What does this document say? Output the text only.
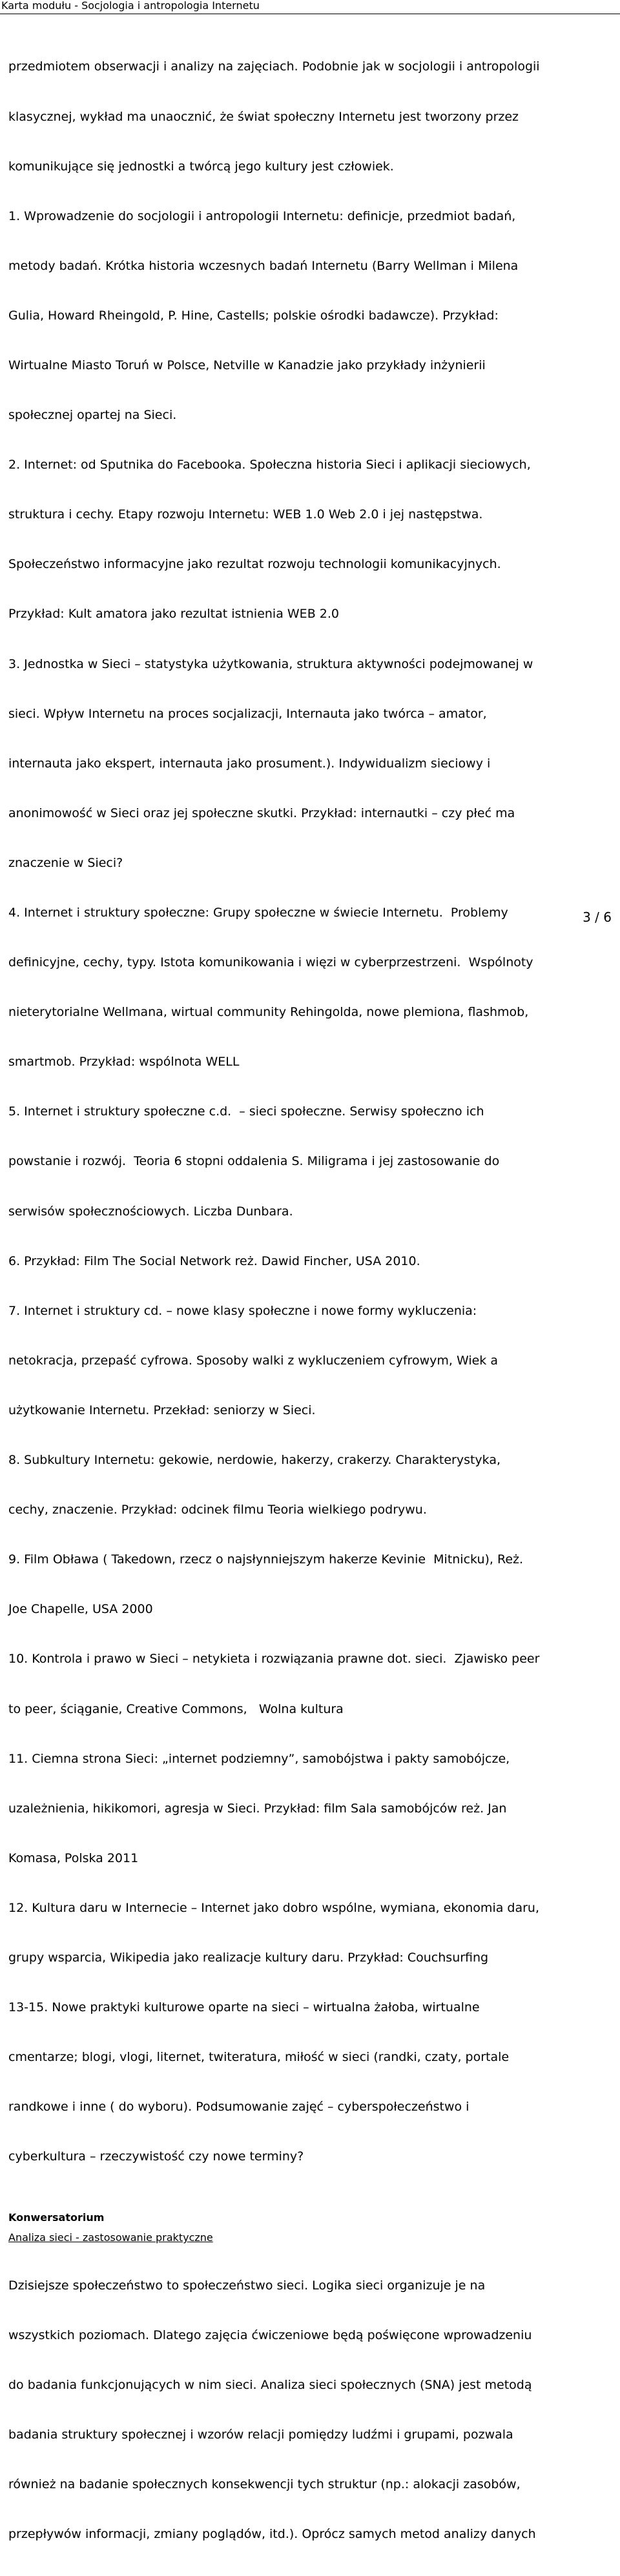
Karta modułu - Socjologia i antropologia Internetu

przedmiotem obserwacji i analizy na zajęciach. Podobnie jak w socjologii i antropologii

klasycznej, wykład ma unaocznić, że świat społeczny Internetu jest tworzony przez

komunikujące się jednostki a twórcą jego kultury jest człowiek.

1. Wprowadzenie do socjologii i antropologii Internetu: definicje, przedmiot badań,

metody badań. Krótka historia wczesnych badań Internetu (Barry Wellman i Milena

Gulia, Howard Rheingold, P. Hine, Castells; polskie ośrodki badawcze). Przykład:

Wirtualne Miasto Toruń w Polsce, Netville w Kanadzie jako przykłady inżynierii

społecznej opartej na Sieci.

2. Internet: od Sputnika do Facebooka. Społeczna historia Sieci i aplikacji sieciowych,

struktura i cechy. Etapy rozwoju Internetu: WEB 1.0 Web 2.0 i jej następstwa.

Społeczeństwo informacyjne jako rezultat rozwoju technologii komunikacyjnych.

Przykład: Kult amatora jako rezultat istnienia WEB 2.0

3. Jednostka w Sieci – statystyka użytkowania, struktura aktywności podejmowanej w

sieci. Wpływ Internetu na proces socjalizacji, Internauta jako twórca – amator,

internauta jako ekspert, internauta jako prosument.). Indywidualizm sieciowy i

anonimowość w Sieci oraz jej społeczne skutki. Przykład: internautki – czy płeć ma

znaczenie w Sieci?

4. Internet i struktury społeczne: Grupy społeczne w świecie Internetu.  Problemy

definicyjne, cechy, typy. Istota komunikowania i więzi w cyberprzestrzeni.  Wspólnoty

nieterytorialne Wellmana, wirtual community Rehingolda, nowe plemiona, flashmob,

smartmob. Przykład: wspólnota WELL

5. Internet i struktury społeczne c.d.  – sieci społeczne. Serwisy społeczno ich

powstanie i rozwój.  Teoria 6 stopni oddalenia S. Miligrama i jej zastosowanie do

serwisów społecznościowych. Liczba Dunbara.

6. Przykład: Film The Social Network reż. Dawid Fincher, USA 2010.

7. Internet i struktury cd. – nowe klasy społeczne i nowe formy wykluczenia:

netokracja, przepaść cyfrowa. Sposoby walki z wykluczeniem cyfrowym, Wiek a

użytkowanie Internetu. Przekład: seniorzy w Sieci.

8. Subkultury Internetu: gekowie, nerdowie, hakerzy, crakerzy. Charakterystyka,

cechy, znaczenie. Przykład: odcinek filmu Teoria wielkiego podrywu.

9. Film Obława ( Takedown, rzecz o najsłynniejszym hakerze Kevinie  Mitnicku), Reż.

Joe Chapelle, USA 2000

10. Kontrola i prawo w Sieci – netykieta i rozwiązania prawne dot. sieci.  Zjawisko peer

to peer, ściąganie, Creative Commons,   Wolna kultura

11. Ciemna strona Sieci: „internet podziemny”, samobójstwa i pakty samobójcze,

uzależnienia, hikikomori, agresja w Sieci. Przykład: film Sala samobójców reż. Jan

Komasa, Polska 2011

12. Kultura daru w Internecie – Internet jako dobro wspólne, wymiana, ekonomia daru,

grupy wsparcia, Wikipedia jako realizacje kultury daru. Przykład: Couchsurfing

13-15. Nowe praktyki kulturowe oparte na sieci – wirtualna żałoba, wirtualne

cmentarze; blogi, vlogi, liternet, twiteratura, miłość w sieci (randki, czaty, portale

randkowe i inne ( do wyboru). Podsumowanie zajęć – cyberspołeczeństwo i

cyberkultura – rzeczywistość czy nowe terminy?

Konwersatorium
Analiza sieci - zastosowanie praktyczne

Dzisiejsze społeczeństwo to społeczeństwo sieci. Logika sieci organizuje je na

wszystkich poziomach. Dlatego zajęcia ćwiczeniowe będą poświęcone wprowadzeniu

do badania funkcjonujących w nim sieci. Analiza sieci społecznych (SNA) jest metodą

badania struktury społecznej i wzorów relacji pomiędzy ludźmi i grupami, pozwala

również na badanie społecznych konsekwencji tych struktur (np.: alokacji zasobów,

przepływów informacji, zmiany poglądów, itd.). Oprócz samych metod analizy danych

3 / 6
